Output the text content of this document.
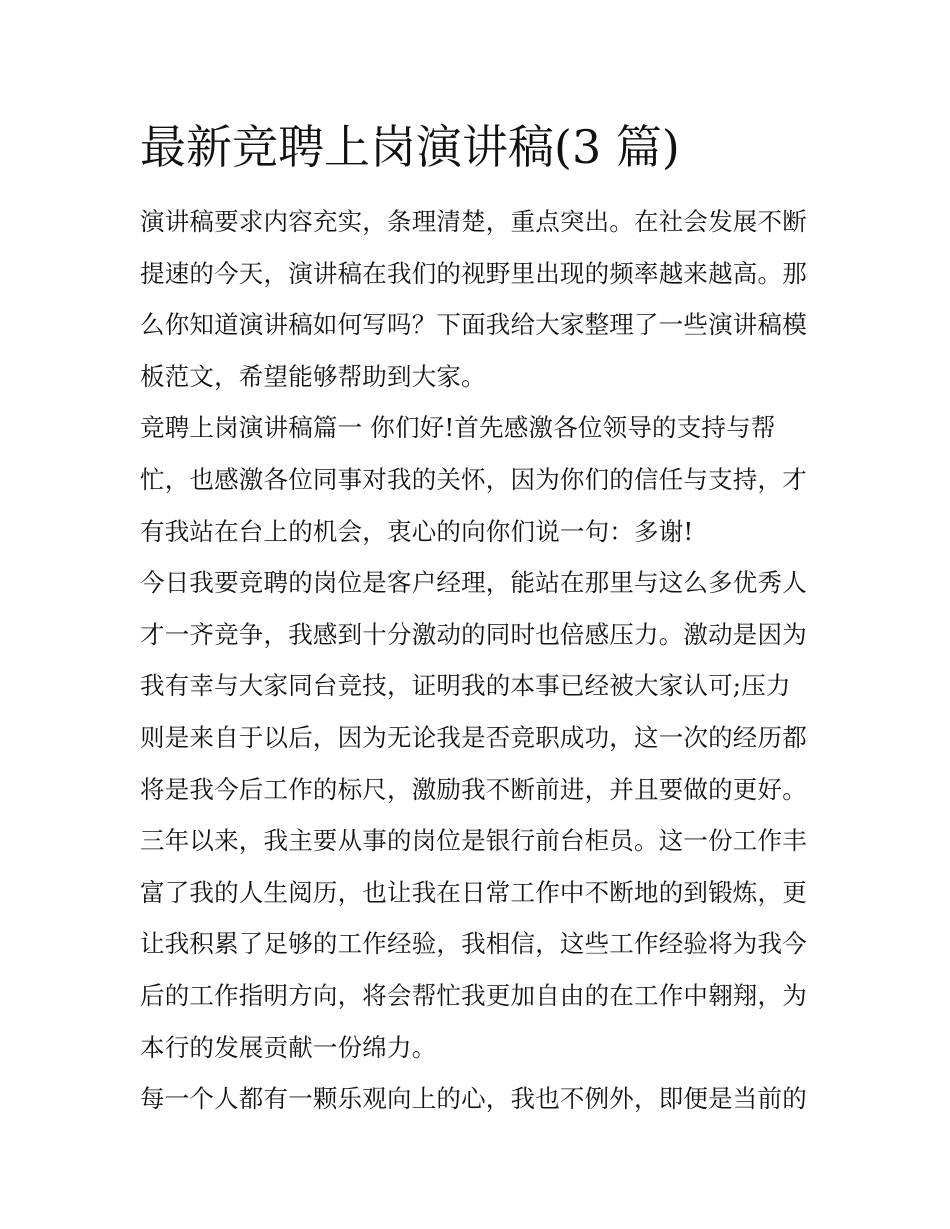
最新竞聘上岗演讲稿(3 篇)
演讲稿要求内容充实，条理清楚，重点突出。在社会发展不断
提速的今天，演讲稿在我们的视野里出现的频率越来越高。那
么你知道演讲稿如何写吗？下面我给大家整理了一些演讲稿模
板范文，希望能够帮助到大家。
竞聘上岗演讲稿篇一 你们好!首先感激各位领导的支持与帮
忙，也感激各位同事对我的关怀，因为你们的信任与支持，才
有我站在台上的机会，衷心的向你们说一句：多谢!
今日我要竞聘的岗位是客户经理，能站在那里与这么多优秀人
才一齐竞争，我感到十分激动的同时也倍感压力。激动是因为
我有幸与大家同台竞技，证明我的本事已经被大家认可;压力
则是来自于以后，因为无论我是否竞职成功，这一次的经历都
将是我今后工作的标尺，激励我不断前进，并且要做的更好。
三年以来，我主要从事的岗位是银行前台柜员。这一份工作丰
富了我的人生阅历，也让我在日常工作中不断地的到锻炼，更
让我积累了足够的工作经验，我相信，这些工作经验将为我今
后的工作指明方向，将会帮忙我更加自由的在工作中翱翔，为
本行的发展贡献一份绵力。
每一个人都有一颗乐观向上的心，我也不例外，即便是当前的
